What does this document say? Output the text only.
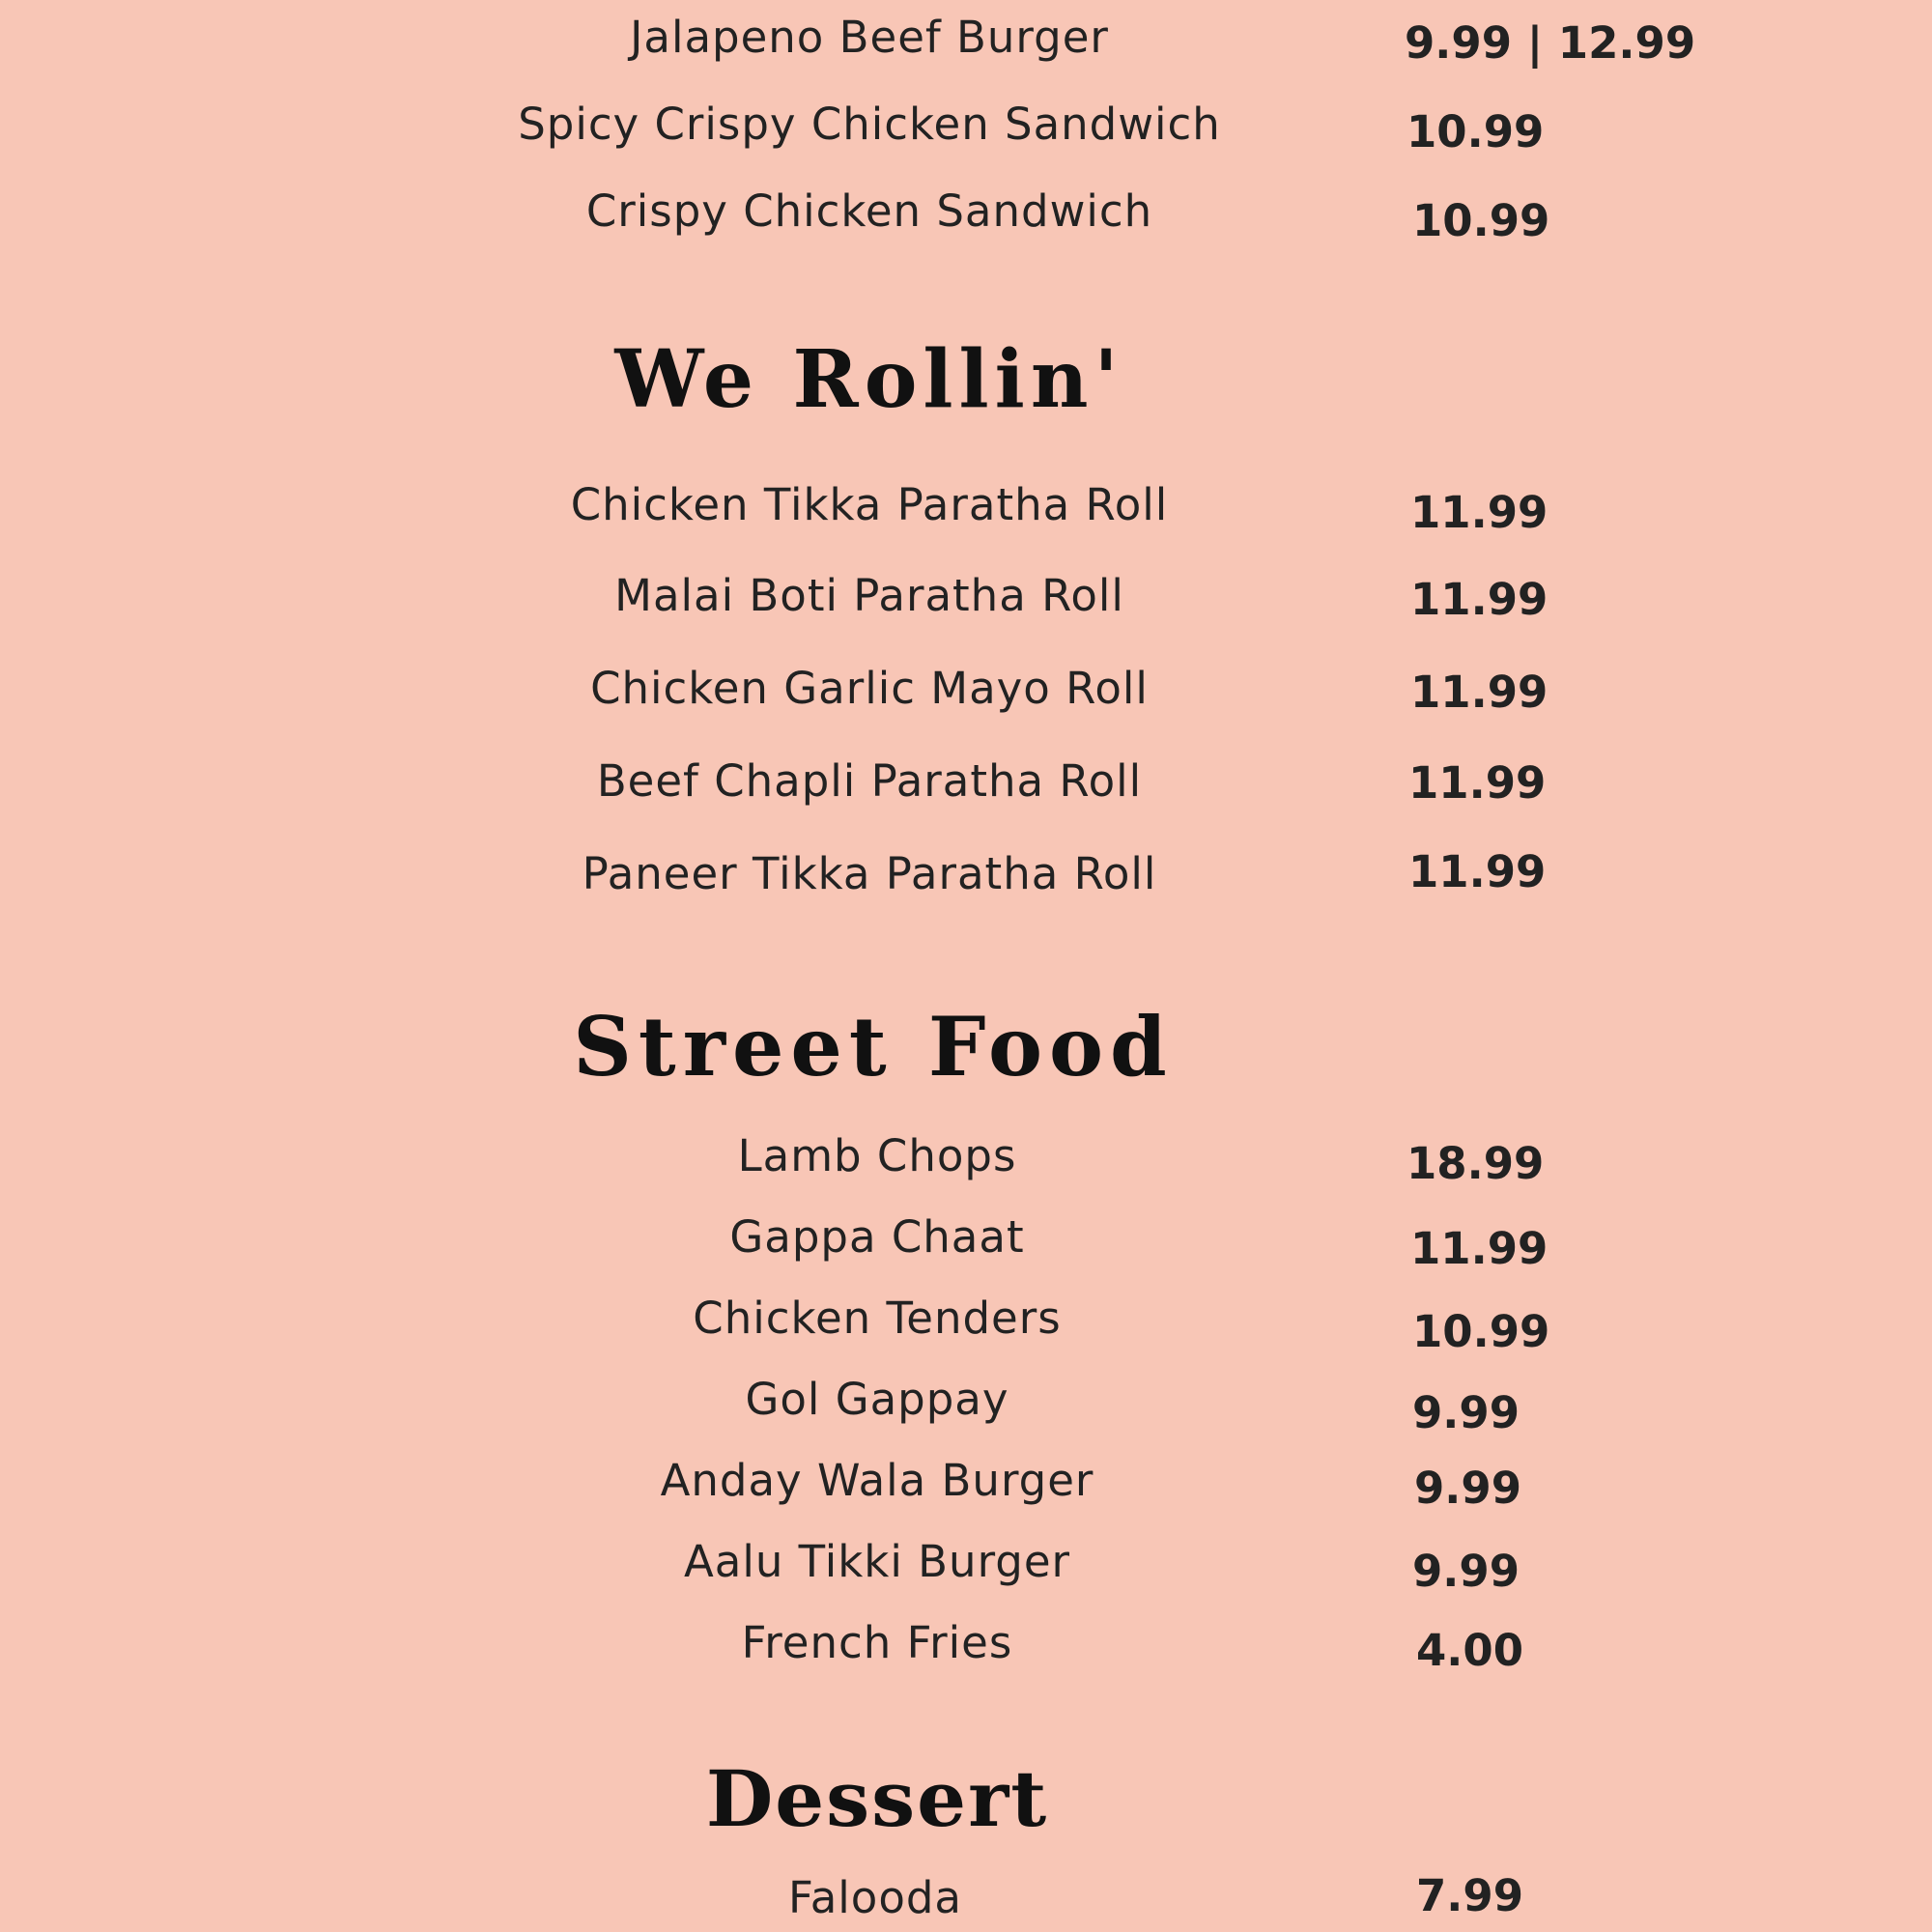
Jalapeno Beef Burger	9.99 | 12.99
Spicy Crispy Chicken Sandwich	10.99
Crispy Chicken Sandwich	10.99
We Rollin'
Chicken Tikka Paratha Roll	11.99
Malai Boti Paratha Roll	11.99
Chicken Garlic Mayo Roll	11.99
Beef Chapli Paratha Roll	11.99
Paneer Tikka Paratha Roll	11.99
Street Food
Lamb Chops	18.99
Gappa Chaat	11.99
Chicken Tenders	10.99
Gol Gappay	9.99
Anday Wala Burger	9.99
Aalu Tikki Burger	9.99
French Fries	4.00
Dessert
Falooda	7.99
